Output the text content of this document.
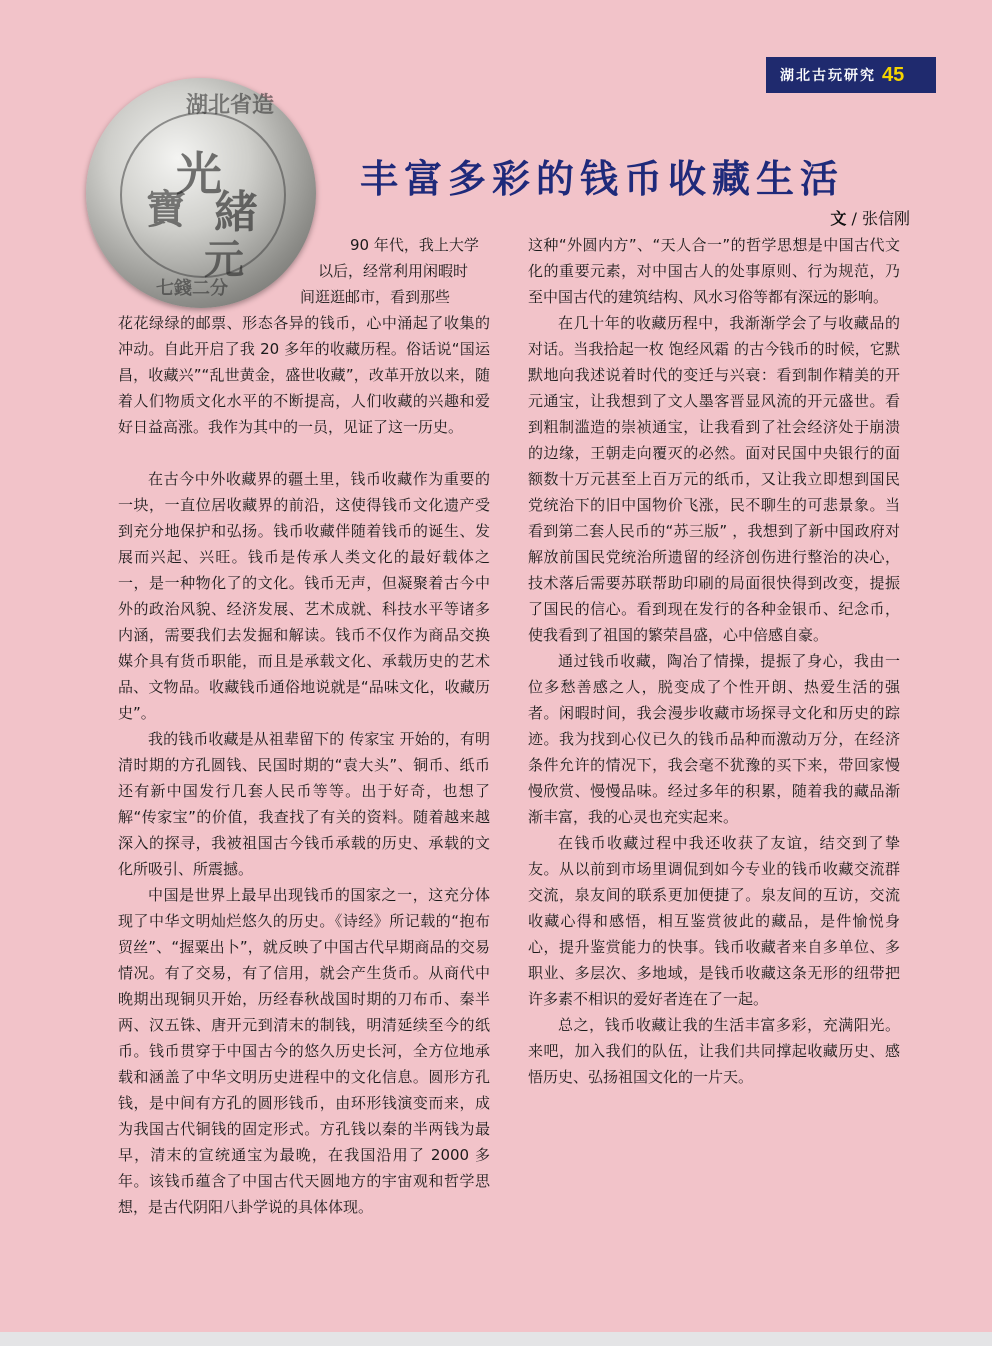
湖北古玩研究 45
光
緒
寶
元
湖北省造
七錢二分
丰富多彩的钱币收藏生活
文 / 张信刚
90 年代，我上大学
以后，经常利用闲暇时
间逛逛邮市，看到那些

花花绿绿的邮票、形态各异的钱币，心中涌起了收集的冲动。自此开启了我 20 多年的收藏历程。俗话说“国运昌，收藏兴”“乱世黄金，盛世收藏”，改革开放以来，随着人们物质文化水平的不断提高，人们收藏的兴趣和爱好日益高涨。我作为其中的一员，见证了这一历史。

在古今中外收藏界的疆土里，钱币收藏作为重要的一块，一直位居收藏界的前沿，这使得钱币文化遗产受到充分地保护和弘扬。钱币收藏伴随着钱币的诞生、发展而兴起、兴旺。钱币是传承人类文化的最好载体之一，是一种物化了的文化。钱币无声，但凝聚着古今中外的政治风貌、经济发展、艺术成就、科技水平等诸多内涵，需要我们去发掘和解读。钱币不仅作为商品交换媒介具有货币职能，而且是承载文化、承载历史的艺术品、文物品。收藏钱币通俗地说就是“品味文化，收藏历史”。

我的钱币收藏是从祖辈留下的 传家宝 开始的，有明清时期的方孔圆钱、民国时期的“袁大头”、铜币、纸币还有新中国发行几套人民币等等。出于好奇，也想了解“传家宝”的价值，我查找了有关的资料。随着越来越深入的探寻，我被祖国古今钱币承载的历史、承载的文化所吸引、所震撼。

中国是世界上最早出现钱币的国家之一，这充分体现了中华文明灿烂悠久的历史。《诗经》所记载的“抱布贸丝”、“握粟出卜”，就反映了中国古代早期商品的交易情况。有了交易，有了信用，就会产生货币。从商代中晚期出现铜贝开始，历经春秋战国时期的刀布币、秦半两、汉五铢、唐开元到清末的制钱，明清延续至今的纸币。钱币贯穿于中国古今的悠久历史长河，全方位地承载和涵盖了中华文明历史进程中的文化信息。圆形方孔钱，是中间有方孔的圆形钱币，由环形钱演变而来，成为我国古代铜钱的固定形式。方孔钱以秦的半两钱为最早，清末的宣统通宝为最晚，在我国沿用了 2000 多年。该钱币蕴含了中国古代天圆地方的宇宙观和哲学思想，是古代阴阳八卦学说的具体体现。

这种“外圆内方”、“天人合一”的哲学思想是中国古代文化的重要元素，对中国古人的处事原则、行为规范，乃至中国古代的建筑结构、风水习俗等都有深远的影响。

在几十年的收藏历程中，我渐渐学会了与收藏品的对话。当我拾起一枚 饱经风霜 的古今钱币的时候，它默默地向我述说着时代的变迁与兴衰：看到制作精美的开元通宝，让我想到了文人墨客晋显风流的开元盛世。看到粗制滥造的崇祯通宝，让我看到了社会经济处于崩溃的边缘，王朝走向覆灭的必然。面对民国中央银行的面额数十万元甚至上百万元的纸币，又让我立即想到国民党统治下的旧中国物价飞涨，民不聊生的可悲景象。当看到第二套人民币的“苏三版” ，我想到了新中国政府对解放前国民党统治所遗留的经济创伤进行整治的决心，技术落后需要苏联帮助印刷的局面很快得到改变，提振了国民的信心。看到现在发行的各种金银币、纪念币，使我看到了祖国的繁荣昌盛，心中倍感自豪。

通过钱币收藏，陶冶了情操，提振了身心，我由一位多愁善感之人，脱变成了个性开朗、热爱生活的强者。闲暇时间，我会漫步收藏市场探寻文化和历史的踪迹。我为找到心仪已久的钱币品种而激动万分，在经济条件允许的情况下，我会毫不犹豫的买下来，带回家慢慢欣赏、慢慢品味。经过多年的积累，随着我的藏品渐渐丰富，我的心灵也充实起来。

在钱币收藏过程中我还收获了友谊，结交到了挚友。从以前到市场里调侃到如今专业的钱币收藏交流群交流，泉友间的联系更加便捷了。泉友间的互访，交流收藏心得和感悟，相互鉴赏彼此的藏品，是件愉悦身心，提升鉴赏能力的快事。钱币收藏者来自多单位、多职业、多层次、多地域，是钱币收藏这条无形的纽带把许多素不相识的爱好者连在了一起。

总之，钱币收藏让我的生活丰富多彩，充满阳光。来吧，加入我们的队伍，让我们共同撑起收藏历史、感悟历史、弘扬祖国文化的一片天。
